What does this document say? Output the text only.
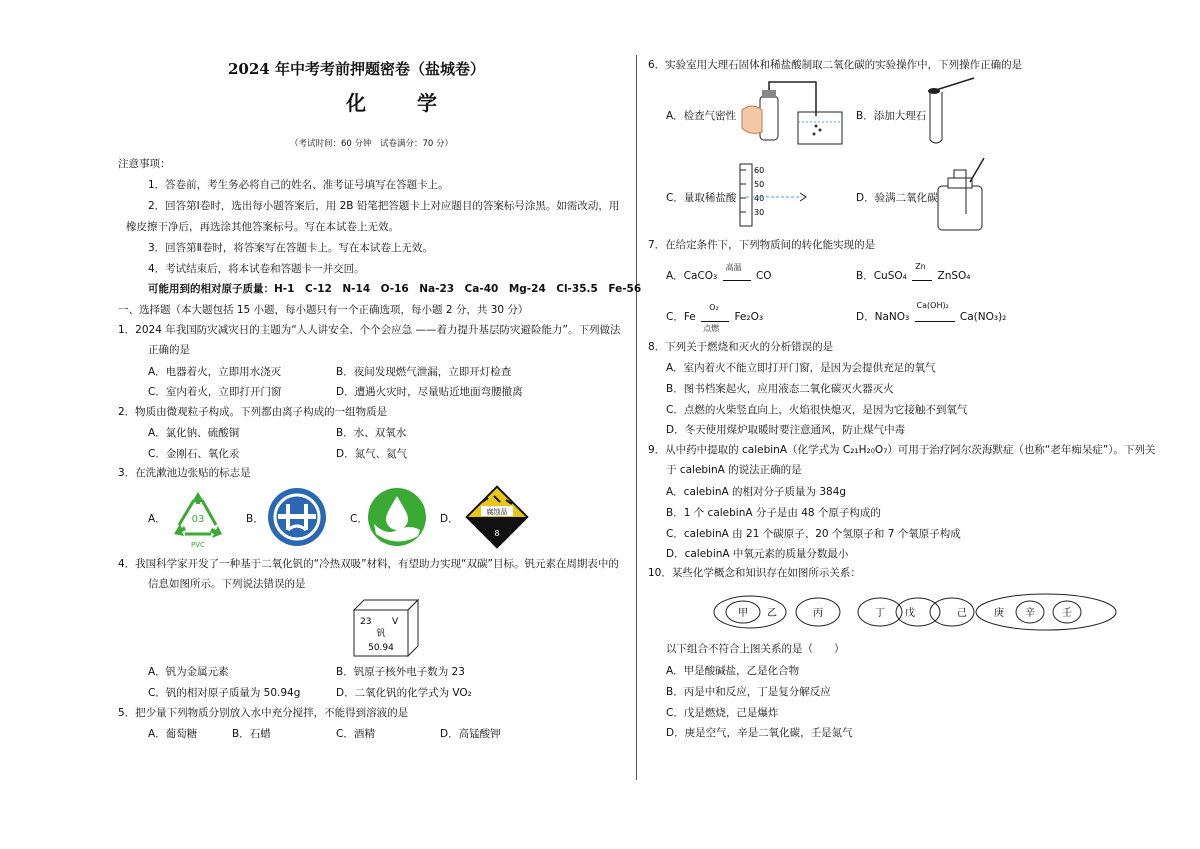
2024 年中考考前押题密卷（盐城卷）
化 学
（考试时间：60 分钟　试卷满分：70 分）
注意事项：
1．答卷前，考生务必将自己的姓名、准考证号填写在答题卡上。
2．回答第Ⅰ卷时，选出每小题答案后，用 2B 铅笔把答题卡上对应题目的答案标号涂黑。如需改动，用
橡皮擦干净后，再选涂其他答案标号。写在本试卷上无效。
3．回答第Ⅱ卷时，将答案写在答题卡上。写在本试卷上无效。
4．考试结束后，将本试卷和答题卡一并交回。
可能用到的相对原子质量：H-1　C-12　N-14　O-16　Na-23　Ca-40　Mg-24　Cl-35.5　Fe-56
一、选择题（本大题包括 15 小题，每小题只有一个正确选项，每小题 2 分，共 30 分）
1．2024 年我国防灾减灾日的主题为“人人讲安全、个个会应急 ——着力提升基层防灾避险能力”。下列做法
正确的是
A．电器着火，立即用水浇灭	B．夜间发现燃气泄漏，立即开灯检查
C．室内着火，立即打开门窗	D．遭遇火灾时，尽量贴近地面弯腰撤离
2．物质由微观粒子构成。下列都由离子构成的一组物质是
A．氯化钠、硫酸铜	B．水、双氧水
C．金刚石、氧化汞	D．氮气、氦气
3．在洗漱池边张贴的标志是
A．	03
PVC
B．	C．	D．
腐蚀品
8
4．我国科学家开发了一种基于二氧化钒的“冷热双吸”材料，有望助力实现“双碳”目标。钒元素在周期表中的
信息如图所示。下列说法错误的是
23 V
钒
50.94
A．钒为金属元素	B．钒原子核外电子数为 23
C．钒的相对原子质量为 50.94g	D．二氧化钒的化学式为 VO₂
5．把少量下列物质分别放入水中充分搅拌，不能得到溶液的是
A．葡萄糖	B．石蜡	C．酒精	D．高锰酸钾
6．实验室用大理石固体和稀盐酸制取二氧化碳的实验操作中，下列操作正确的是
A．检查气密性	B．添加大理石
C．量取稀盐酸
60
50
40
30
D．验满二氧化碳
7．在给定条件下，下列物质间的转化能实现的是
A．CaCO₃
高温
CO	B．CuSO₄
Zn
ZnSO₄
C．Fe
O₂
点燃
Fe₂O₃	D．NaNO₃
Ca(OH)₂
Ca(NO₃)₂
8．下列关于燃烧和灭火的分析错误的是
A．室内着火不能立即打开门窗，是因为会提供充足的氧气
B．图书档案起火，应用液态二氧化碳灭火器灭火
C．点燃的火柴竖直向上，火焰很快熄灭，是因为它接触不到氧气
D．冬天使用煤炉取暖时要注意通风，防止煤气中毒
9．从中药中提取的 calebinA（化学式为 C₂₁H₂₀O₇）可用于治疗阿尔茨海默症（也称“老年痴呆症”）。下列关
于 calebinA 的说法正确的是
A．calebinA 的相对分子质量为 384g
B．1 个 calebinA 分子是由 48 个原子构成的
C．calebinA 由 21 个碳原子、20 个氢原子和 7 个氧原子构成
D．calebinA 中氧元素的质量分数最小
10．某些化学概念和知识存在如图所示关系：
甲 乙	丙	丁 戊	己	庚 辛	壬
以下组合不符合上图关系的是（　　）
A．甲是酸碱盐，乙是化合物
B．丙是中和反应，丁是复分解反应
C．戊是燃烧，己是爆炸
D．庚是空气，辛是二氧化碳，壬是氮气
